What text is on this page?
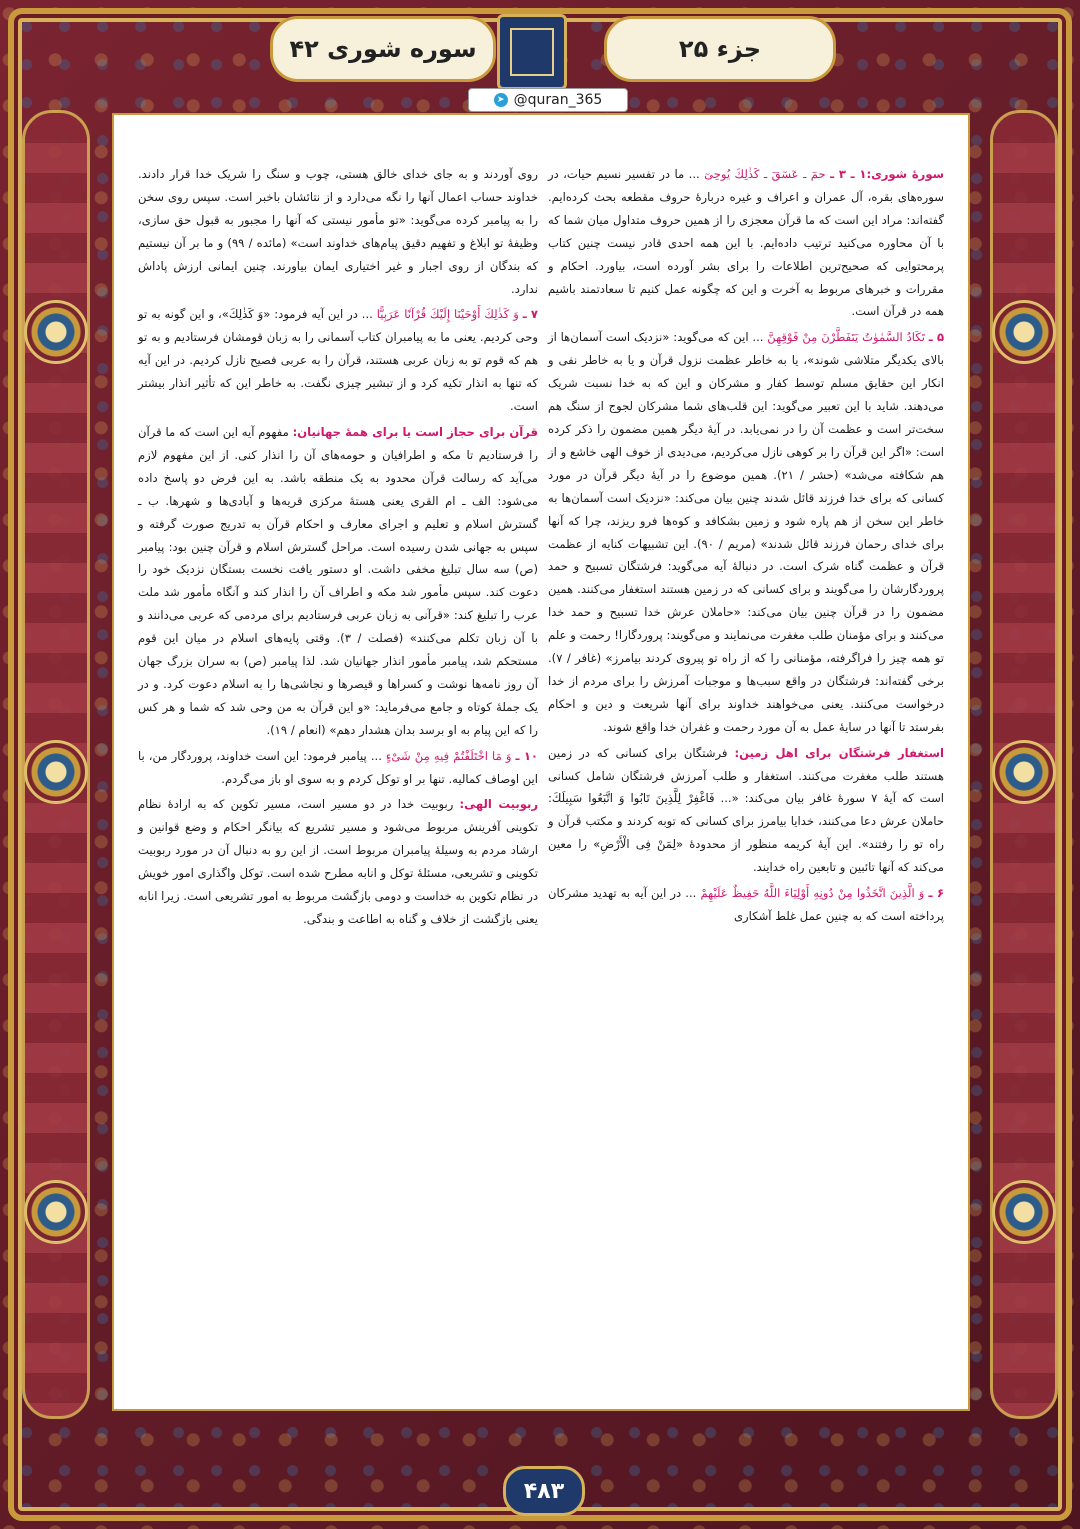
سوره شوری ۴۲	جزء ۲۵
➤ @quran_365

سورهٔ شوری:۱ ـ ۳ ـ حمٓ ـ عٓسٓقٓ ـ كَذٰلِكَ يُوحِىٓ ... ما در تفسیر نسیم حیات، در سوره‌های بقره، آل عمران و اعراف و غیره دربارهٔ حروف مقطعه بحث کرده‌ایم. گفته‌اند: مراد این است که ما قرآن معجزی را از همین حروف متداول میان شما که با آن محاوره می‌کنید ترتیب داده‌ایم. با این همه احدی قادر نیست چنین کتاب پرمحتوایی که صحیح‌ترین اطلاعات را برای بشر آورده است، بیاورد. احکام و مقررات و خبرهای مربوط به آخرت و این که چگونه عمل کنیم تا سعادتمند باشیم همه در قرآن است.

۵ ـ تَكَادُ السَّمٰوٰتُ يَتَفَطَّرْنَ مِنْ فَوْقِهِنَّ ... این که می‌گوید: «نزدیک است آسمان‌ها از بالای یکدیگر متلاشی شوند»، یا به خاطر عظمت نزول قرآن و یا به خاطر نفی و انکار این حقایق مسلم توسط کفار و مشرکان و این که به خدا نسبت شریک می‌دهند. شاید با این تعبیر می‌گوید: این قلب‌های شما مشرکان لجوج از سنگ هم سخت‌تر است و عظمت آن را در نمی‌یابد. در آیهٔ دیگر همین مضمون را ذکر کرده است: «اگر این قرآن را بر کوهی نازل می‌کردیم، می‌دیدی از خوف الهی خاشع و از هم شکافته می‌شد» (حشر / ۲۱). همین موضوع را در آیهٔ دیگر قرآن در مورد کسانی که برای خدا فرزند قائل شدند چنین بیان می‌کند: «نزدیک است آسمان‌ها به خاطر این سخن از هم پاره شود و زمین بشکافد و کوه‌ها فرو ریزند، چرا که آنها برای خدای رحمان فرزند قائل شدند» (مریم / ۹۰). این تشبیهات کنایه از عظمت قرآن و عظمت گناه شرک است. در دنبالهٔ آیه می‌گوید: فرشتگان تسبیح و حمد پروردگارشان را می‌گویند و برای کسانی که در زمین هستند استغفار می‌کنند. همین مضمون را در قرآن چنین بیان می‌کند: «حاملان عرش خدا تسبیح و حمد خدا می‌کنند و برای مؤمنان طلب مغفرت می‌نمایند و می‌گویند: پروردگارا! رحمت و علم تو همه چیز را فراگرفته، مؤمنانی را که از راه تو پیروی کردند بیامرز» (غافر / ۷). برخی گفته‌اند: فرشتگان در واقع سبب‌ها و موجبات آمرزش را برای مردم از خدا درخواست می‌کنند. یعنی می‌خواهند خداوند برای آنها شریعت و دین و احکام بفرستد تا آنها در سایهٔ عمل به آن مورد رحمت و غفران خدا واقع شوند.

استغفار فرشتگان برای اهل زمین: فرشتگان برای کسانی که در زمین هستند طلب مغفرت می‌کنند. استغفار و طلب آمرزش فرشتگان شامل کسانی است که آیهٔ ۷ سورهٔ غافر بیان می‌کند: «... فَاغْفِرْ لِلَّذِينَ تَابُوا وَ اتَّبَعُوا سَبِيلَكَ: حاملان عرش دعا می‌کنند، خدایا بیامرز برای کسانی که توبه کردند و مکتب قرآن و راه تو را رفتند». این آیهٔ کریمه منظور از محدودهٔ «لِمَنْ فِى الْأَرْضِ» را معین می‌کند که آنها تائبین و تابعین راه خدایند.

۶ ـ وَ الَّذِينَ اتَّخَذُوا مِنْ دُونِهِ أَوْلِيَاءَ اللَّهُ حَفِيظٌ عَلَيْهِمْ ... در این آیه به تهدید مشرکان پرداخته است که به چنین عمل غلط آشکاری

روی آوردند و به جای خدای خالق هستی، چوب و سنگ را شریک خدا قرار دادند. خداوند حساب اعمال آنها را نگه می‌دارد و از نتائشان باخبر است. سپس روی سخن را به پیامبر کرده می‌گوید: «تو مأمور نیستی که آنها را مجبور به قبول حق سازی، وظیفهٔ تو ابلاغ و تفهیم دقیق پیام‌های خداوند است» (مائده / ۹۹) و ما بر آن نیستیم که بندگان از روی اجبار و غیر اختیاری ایمان بیاورند. چنین ایمانی ارزش پاداش ندارد.

۷ ـ وَ كَذٰلِكَ أَوْحَيْنَا إِلَيْكَ قُرْآنًا عَرَبِيًّا ... در این آیه فرمود: «وَ كَذٰلِكَ»، و این گونه به تو وحی کردیم. یعنی ما به پیامبران کتاب آسمانی را به زبان قومشان فرستادیم و به تو هم که قوم تو به زبان عربی هستند، قرآن را به عربی فصیح نازل کردیم. در این آیه که تنها به انذار تکیه کرد و از تبشیر چیزی نگفت. به خاطر این که تأثیر انذار بیشتر است.

قرآن برای حجاز است یا برای همهٔ جهانیان: مفهوم آیه این است که ما قرآن را فرستادیم تا مکه و اطرافیان و حومه‌های آن را انذار کنی. از این مفهوم لازم می‌آید که رسالت قرآن محدود به یک منطقه باشد. به این فرض دو پاسخ داده می‌شود: الف ـ ام القری یعنی هستهٔ مرکزی قریه‌ها و آبادی‌ها و شهرها. ب ـ گسترش اسلام و تعلیم و اجرای معارف و احکام قرآن به تدریج صورت گرفته و سپس به جهانی شدن رسیده است. مراحل گسترش اسلام و قرآن چنین بود: پیامبر (ص) سه سال تبلیغ مخفی داشت. او دستور یافت نخست بستگان نزدیک خود را دعوت کند. سپس مأمور شد مکه و اطراف آن را انذار کند و آنگاه مأمور شد ملت عرب را تبلیغ کند: «قرآنی به زبان عربی فرستادیم برای مردمی که عربی می‌دانند و با آن زبان تکلم می‌کنند» (فصلت / ۳). وقتی پایه‌های اسلام در میان این قوم مستحکم شد، پیامبر مأمور انذار جهانیان شد. لذا پیامبر (ص) به سران بزرگ جهان آن روز نامه‌ها نوشت و کسراها و قیصرها و نجاشی‌ها را به اسلام دعوت کرد. و در یک جملهٔ کوتاه و جامع می‌فرماید: «و این قرآن به من وحی شد که شما و هر کس را که این پیام به او برسد بدان هشدار دهم» (انعام / ۱۹).

۱۰ ـ وَ مَا اخْتَلَفْتُمْ فِيهِ مِنْ شَىْءٍ ... پیامبر فرمود: این است خداوند، پروردگار من، با این اوصاف کمالیه. تنها بر او توکل کردم و به سوی او باز می‌گردم.

ربوبیت الهی: ربوبیت خدا در دو مسیر است، مسیر تکوین که به ارادهٔ نظام تکوینی آفرینش مربوط می‌شود و مسیر تشریع که بیانگر احکام و وضع قوانین و ارشاد مردم به وسیلهٔ پیامبران مربوط است. از این رو به دنبال آن در مورد ربوبیت تکوینی و تشریعی، مسئلهٔ توکل و انابه مطرح شده است. توکل واگذاری امور خویش در نظام تکوین به خداست و دومی بازگشت مربوط به امور تشریعی است. زیرا انابه یعنی بازگشت از خلاف و گناه به اطاعت و بندگی.

۴۸۳
